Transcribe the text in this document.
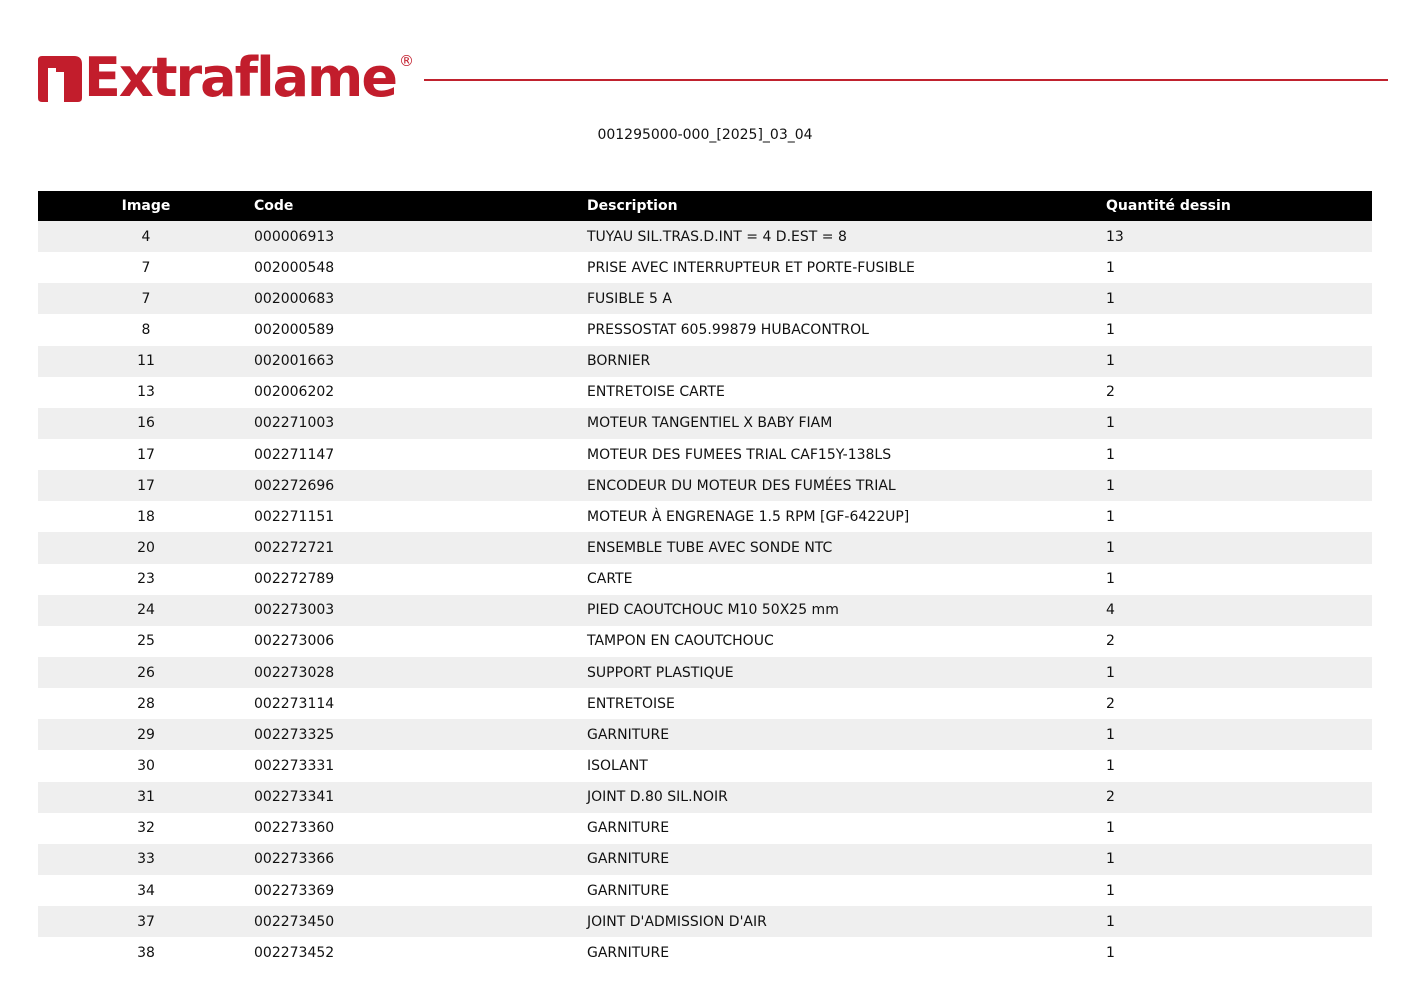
Extraflame ®
001295000-000_[2025]_03_04
Image	Code	Description	Quantité dessin
4	000006913	TUYAU SIL.TRAS.D.INT = 4 D.EST = 8	13
7	002000548	PRISE AVEC INTERRUPTEUR ET PORTE-FUSIBLE	1
7	002000683	FUSIBLE 5 A	1
8	002000589	PRESSOSTAT 605.99879 HUBACONTROL	1
11	002001663	BORNIER	1
13	002006202	ENTRETOISE CARTE	2
16	002271003	MOTEUR TANGENTIEL X BABY FIAM	1
17	002271147	MOTEUR DES FUMEES TRIAL CAF15Y-138LS	1
17	002272696	ENCODEUR DU MOTEUR DES FUMÉES TRIAL	1
18	002271151	MOTEUR À ENGRENAGE 1.5 RPM [GF-6422UP]	1
20	002272721	ENSEMBLE TUBE AVEC SONDE NTC	1
23	002272789	CARTE	1
24	002273003	PIED CAOUTCHOUC M10 50X25 mm	4
25	002273006	TAMPON EN CAOUTCHOUC	2
26	002273028	SUPPORT PLASTIQUE	1
28	002273114	ENTRETOISE	2
29	002273325	GARNITURE	1
30	002273331	ISOLANT	1
31	002273341	JOINT D.80 SIL.NOIR	2
32	002273360	GARNITURE	1
33	002273366	GARNITURE	1
34	002273369	GARNITURE	1
37	002273450	JOINT D'ADMISSION D'AIR	1
38	002273452	GARNITURE	1
